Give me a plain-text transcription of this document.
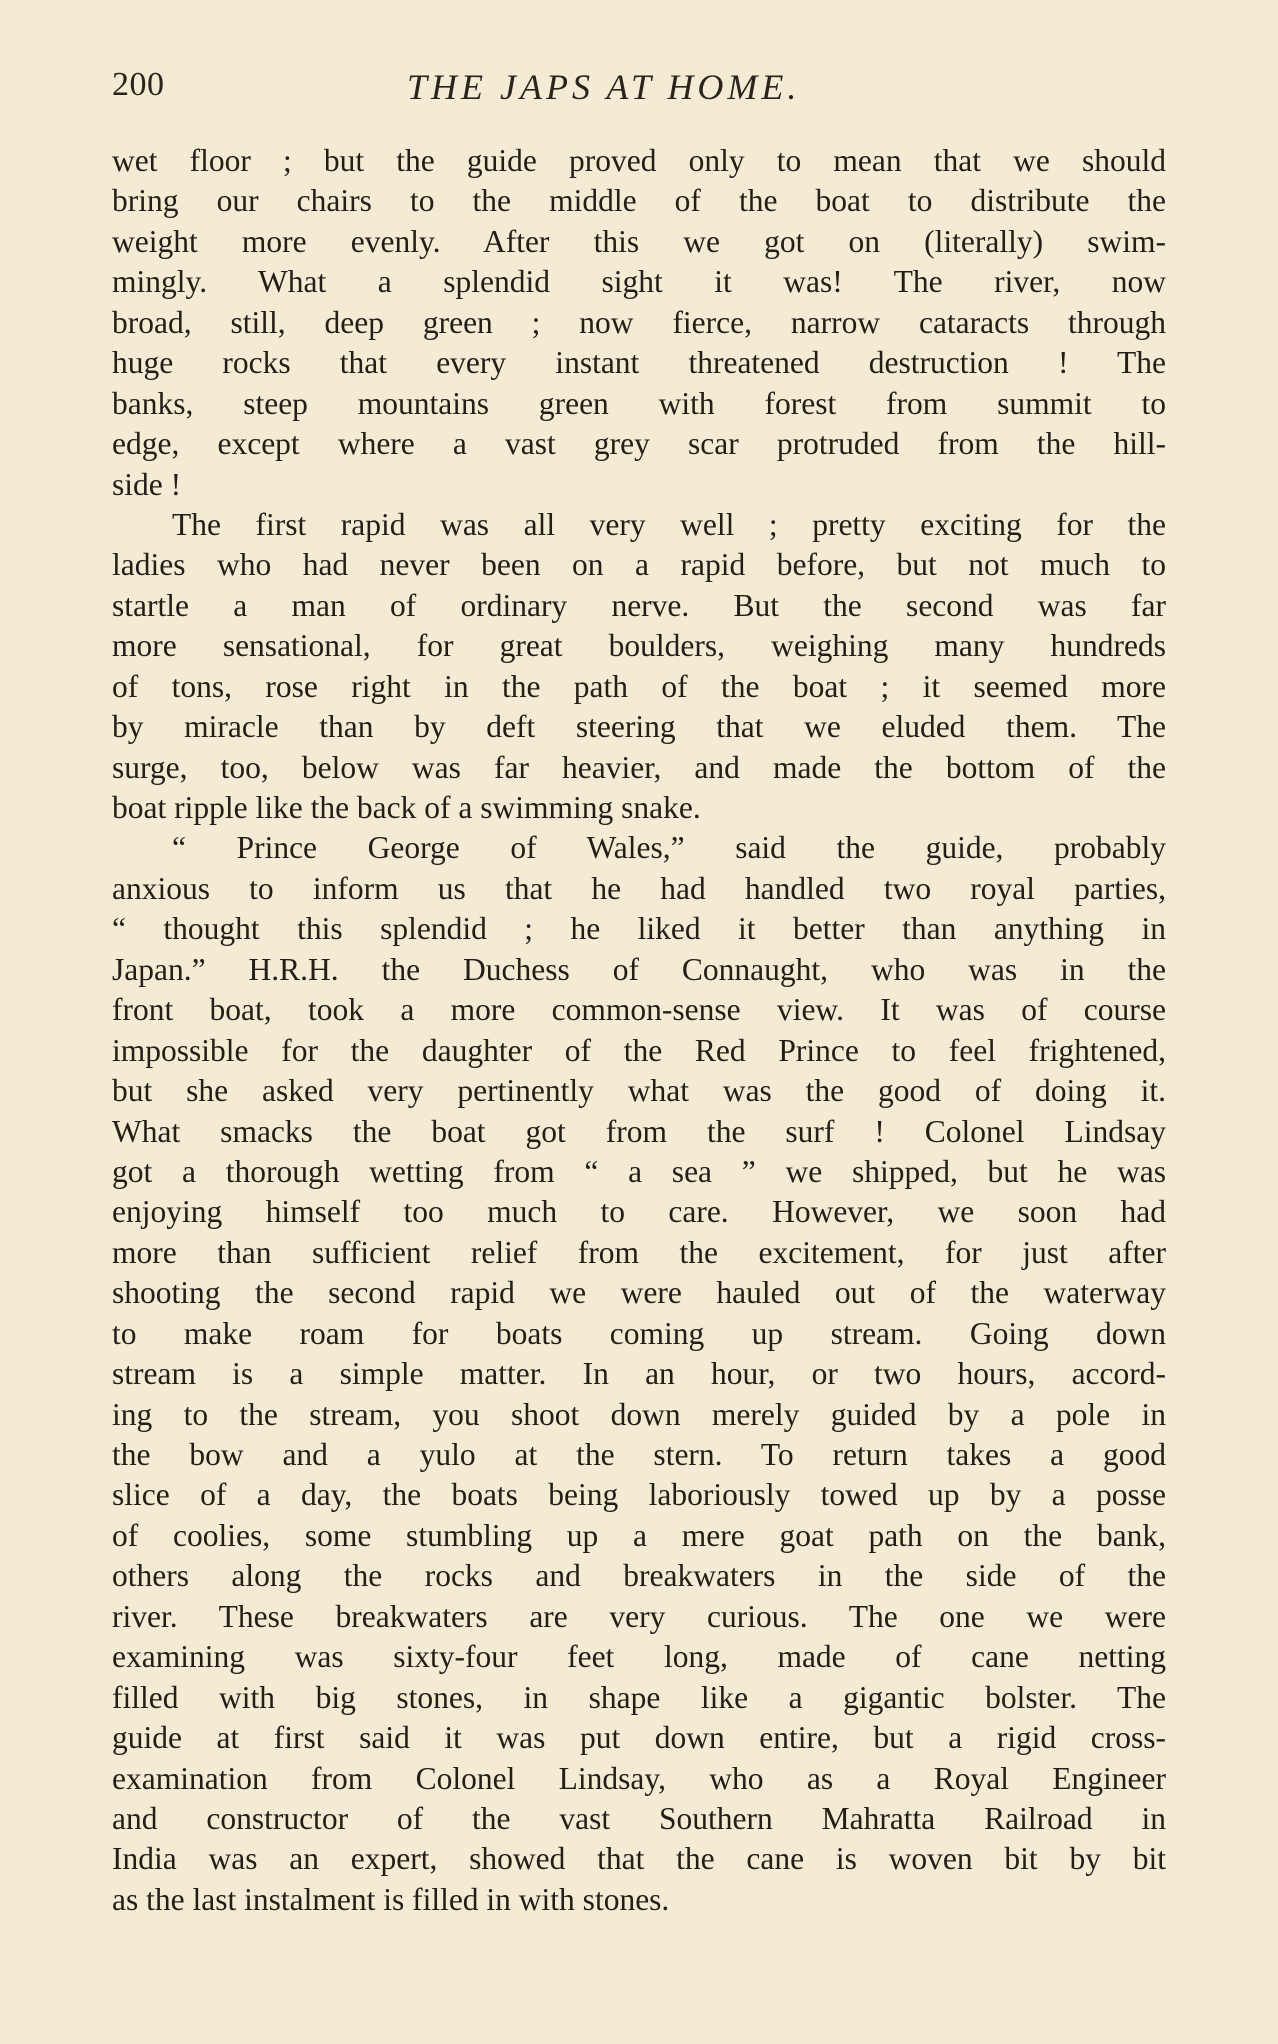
200	THE JAPS AT HOME.
wet floor ; but the guide proved only to mean that we should
bring our chairs to the middle of the boat to distribute the
weight more evenly. After this we got on (literally) swim-
mingly. What a splendid sight it was! The river, now
broad, still, deep green ; now fierce, narrow cataracts through
huge rocks that every instant threatened destruction ! The
banks, steep mountains green with forest from summit to
edge, except where a vast grey scar protruded from the hill-
side !
The first rapid was all very well ; pretty exciting for the
ladies who had never been on a rapid before, but not much to
startle a man of ordinary nerve. But the second was far
more sensational, for great boulders, weighing many hundreds
of tons, rose right in the path of the boat ; it seemed more
by miracle than by deft steering that we eluded them. The
surge, too, below was far heavier, and made the bottom of the
boat ripple like the back of a swimming snake.
“ Prince George of Wales,” said the guide, probably
anxious to inform us that he had handled two royal parties,
“ thought this splendid ; he liked it better than anything in
Japan.” H.R.H. the Duchess of Connaught, who was in the
front boat, took a more common-sense view. It was of course
impossible for the daughter of the Red Prince to feel frightened,
but she asked very pertinently what was the good of doing it.
What smacks the boat got from the surf ! Colonel Lindsay
got a thorough wetting from “ a sea ” we shipped, but he was
enjoying himself too much to care. However, we soon had
more than sufficient relief from the excitement, for just after
shooting the second rapid we were hauled out of the waterway
to make roam for boats coming up stream. Going down
stream is a simple matter. In an hour, or two hours, accord-
ing to the stream, you shoot down merely guided by a pole in
the bow and a yulo at the stern. To return takes a good
slice of a day, the boats being laboriously towed up by a posse
of coolies, some stumbling up a mere goat path on the bank,
others along the rocks and breakwaters in the side of the
river. These breakwaters are very curious. The one we were
examining was sixty-four feet long, made of cane netting
filled with big stones, in shape like a gigantic bolster. The
guide at first said it was put down entire, but a rigid cross-
examination from Colonel Lindsay, who as a Royal Engineer
and constructor of the vast Southern Mahratta Railroad in
India was an expert, showed that the cane is woven bit by bit
as the last instalment is filled in with stones.
